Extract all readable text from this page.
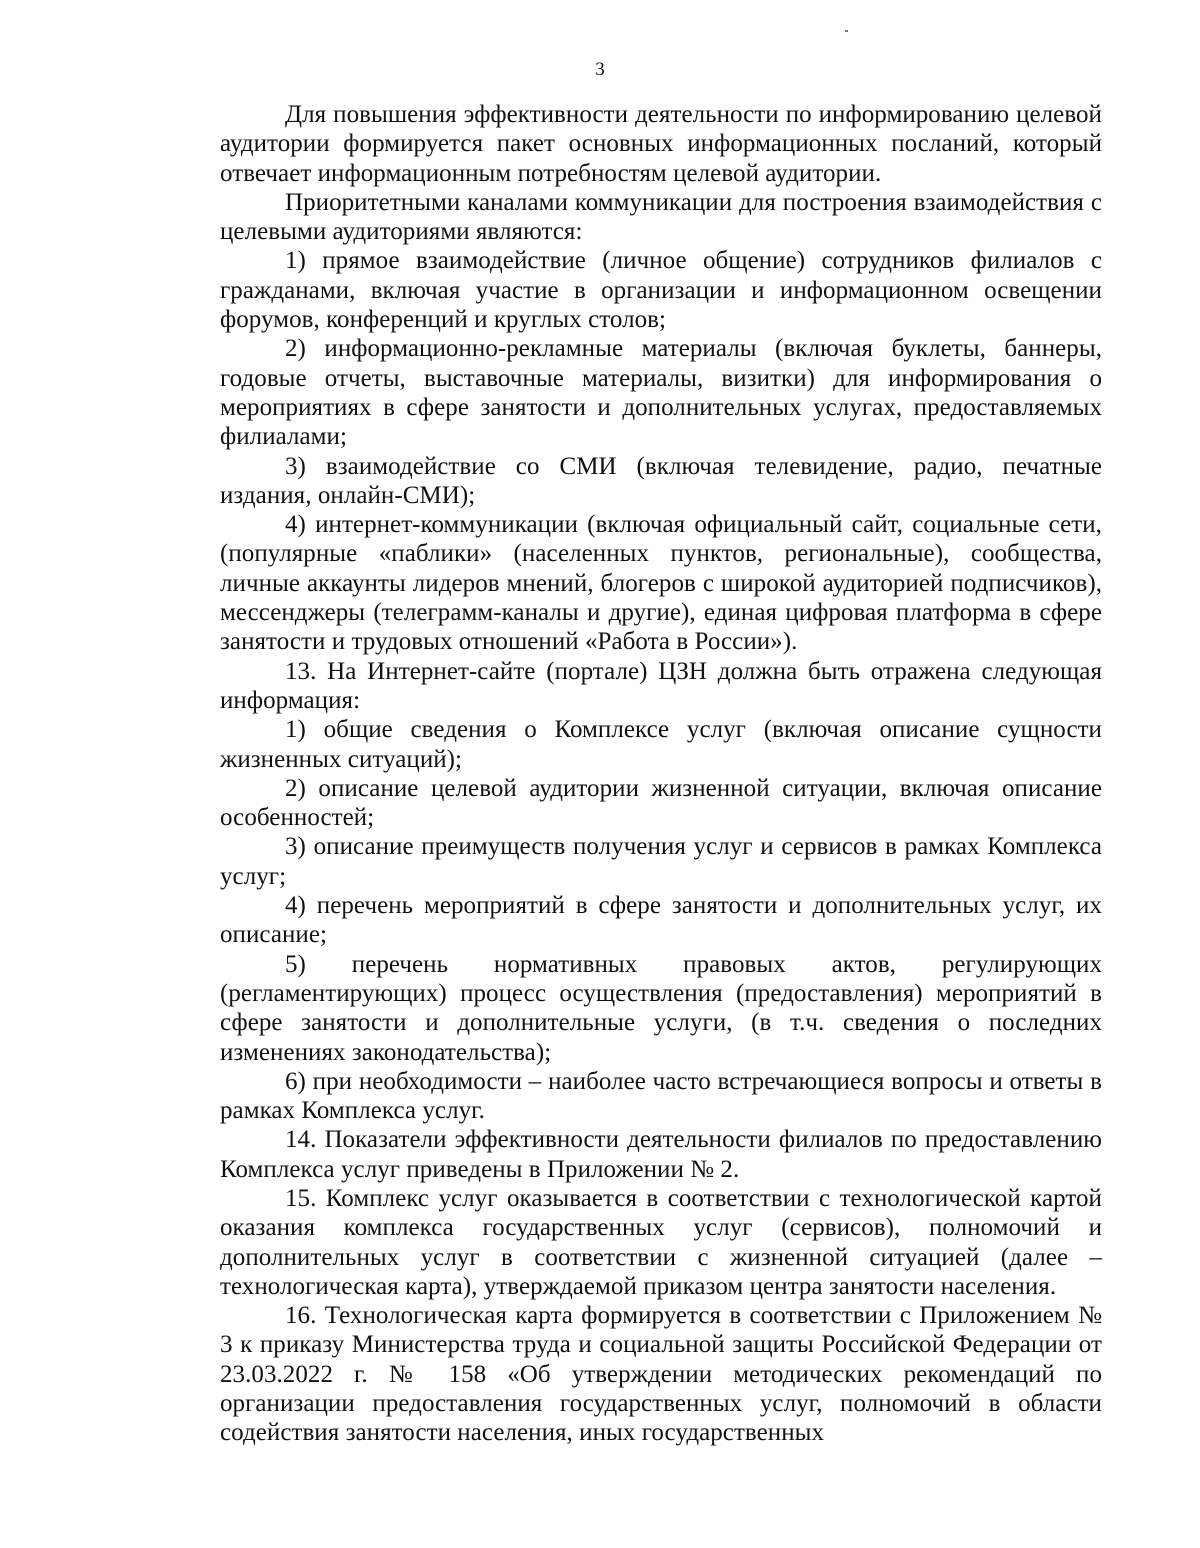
3

Для повышения эффективности деятельности по информированию целевой аудитории формируется пакет основных информационных посланий, который отвечает информационным потребностям целевой аудитории.

Приоритетными каналами коммуникации для построения взаимодействия с целевыми аудиториями являются:

1) прямое взаимодействие (личное общение) сотрудников филиалов с гражданами, включая участие в организации и информационном освещении форумов, конференций и круглых столов;

2) информационно-рекламные материалы (включая буклеты, баннеры, годовые отчеты, выставочные материалы, визитки) для информирования о мероприятиях в сфере занятости и дополнительных услугах, предоставляемых филиалами;

3) взаимодействие со СМИ (включая телевидение, радио, печатные издания, онлайн-СМИ);

4) интернет-коммуникации (включая официальный сайт, социальные сети, (популярные «паблики» (населенных пунктов, региональные), сообщества, личные аккаунты лидеров мнений, блогеров с широкой аудиторией подписчиков), мессенджеры (телеграмм-каналы и другие), единая цифровая платформа в сфере занятости и трудовых отношений «Работа в России»).

13. На Интернет-сайте (портале) ЦЗН должна быть отражена следующая информация:

1) общие сведения о Комплексе услуг (включая описание сущности жизненных ситуаций);

2) описание целевой аудитории жизненной ситуации, включая описание особенностей;

3) описание преимуществ получения услуг и сервисов в рамках Комплекса услуг;

4) перечень мероприятий в сфере занятости и дополнительных услуг, их описание;

5) перечень нормативных правовых актов, регулирующих (регламентирующих) процесс осуществления (предоставления) мероприятий в сфере занятости и дополнительные услуги, (в т.ч. сведения о последних изменениях законодательства);

6) при необходимости – наиболее часто встречающиеся вопросы и ответы в рамках Комплекса услуг.

14. Показатели эффективности деятельности филиалов по предоставлению Комплекса услуг приведены в Приложении № 2.

15. Комплекс услуг оказывается в соответствии с технологической картой оказания комплекса государственных услуг (сервисов), полномочий и дополнительных услуг в соответствии с жизненной ситуацией (далее – технологическая карта), утверждаемой приказом центра занятости населения.

16. Технологическая карта формируется в соответствии с Приложением № 3 к приказу Министерства труда и социальной защиты Российской Федерации от 23.03.2022 г. № 158 «Об утверждении методических рекомендаций по организации предоставления государственных услуг, полномочий в области содействия занятости населения, иных государственных
